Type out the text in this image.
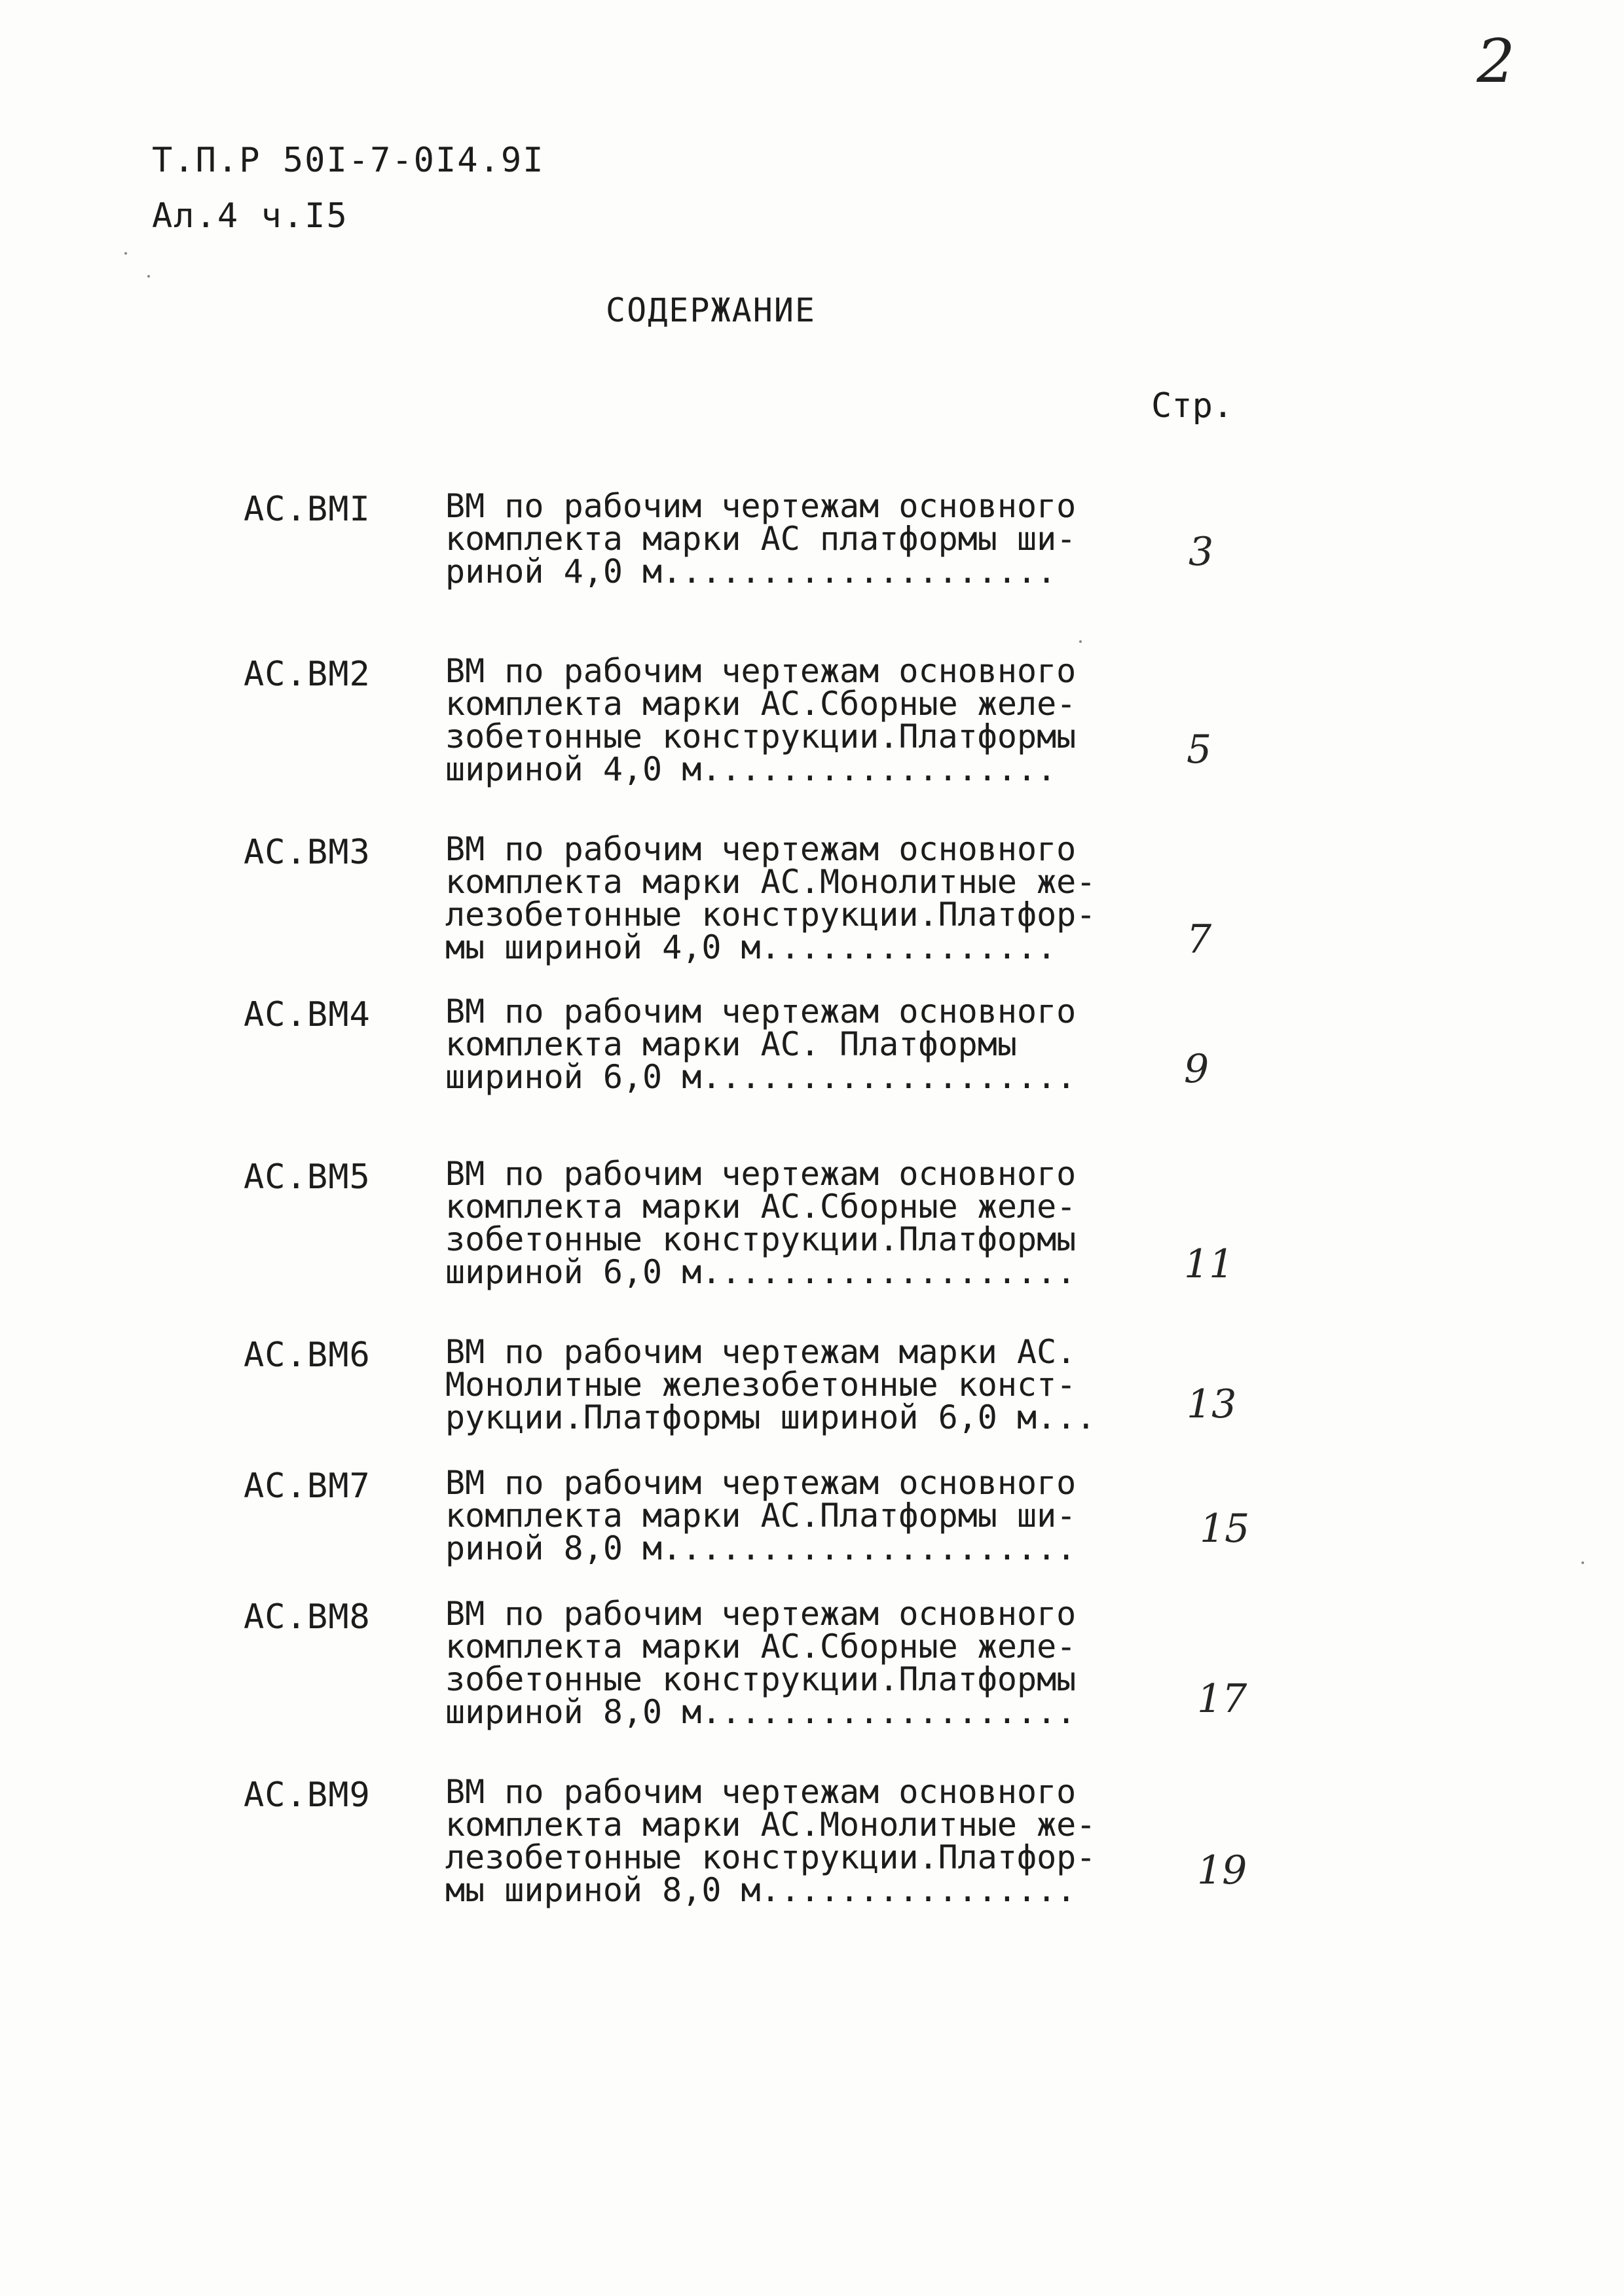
2
Т.П.Р 50I-7-0I4.9I
Ал.4 ч.I5
СОДЕРЖАНИЕ
Стр.
АС.ВМI ВМ по рабочим чертежам основного
комплекта марки АС платформы ши-
риной 4,0 м....................	3
АС.ВМ2 ВМ по рабочим чертежам основного
комплекта марки АС.Сборные желе-
зобетонные конструкции.Платформы
шириной 4,0 м..................	5
АС.ВМ3 ВМ по рабочим чертежам основного
комплекта марки АС.Монолитные же-
лезобетонные конструкции.Платфор-
мы шириной 4,0 м...............	7
АС.ВМ4 ВМ по рабочим чертежам основного
комплекта марки АС. Платформы
шириной 6,0 м...................	9
АС.ВМ5 ВМ по рабочим чертежам основного
комплекта марки АС.Сборные желе-
зобетонные конструкции.Платформы
шириной 6,0 м...................	11
АС.ВМ6 ВМ по рабочим чертежам марки АС.
Монолитные железобетонные конст-
рукции.Платформы шириной 6,0 м...	13
АС.ВМ7 ВМ по рабочим чертежам основного
комплекта марки АС.Платформы ши-
риной 8,0 м.....................	15
АС.ВМ8 ВМ по рабочим чертежам основного
комплекта марки АС.Сборные желе-
зобетонные конструкции.Платформы
шириной 8,0 м...................	17
АС.ВМ9 ВМ по рабочим чертежам основного
комплекта марки АС.Монолитные же-
лезобетонные конструкции.Платфор-
мы шириной 8,0 м................	19
